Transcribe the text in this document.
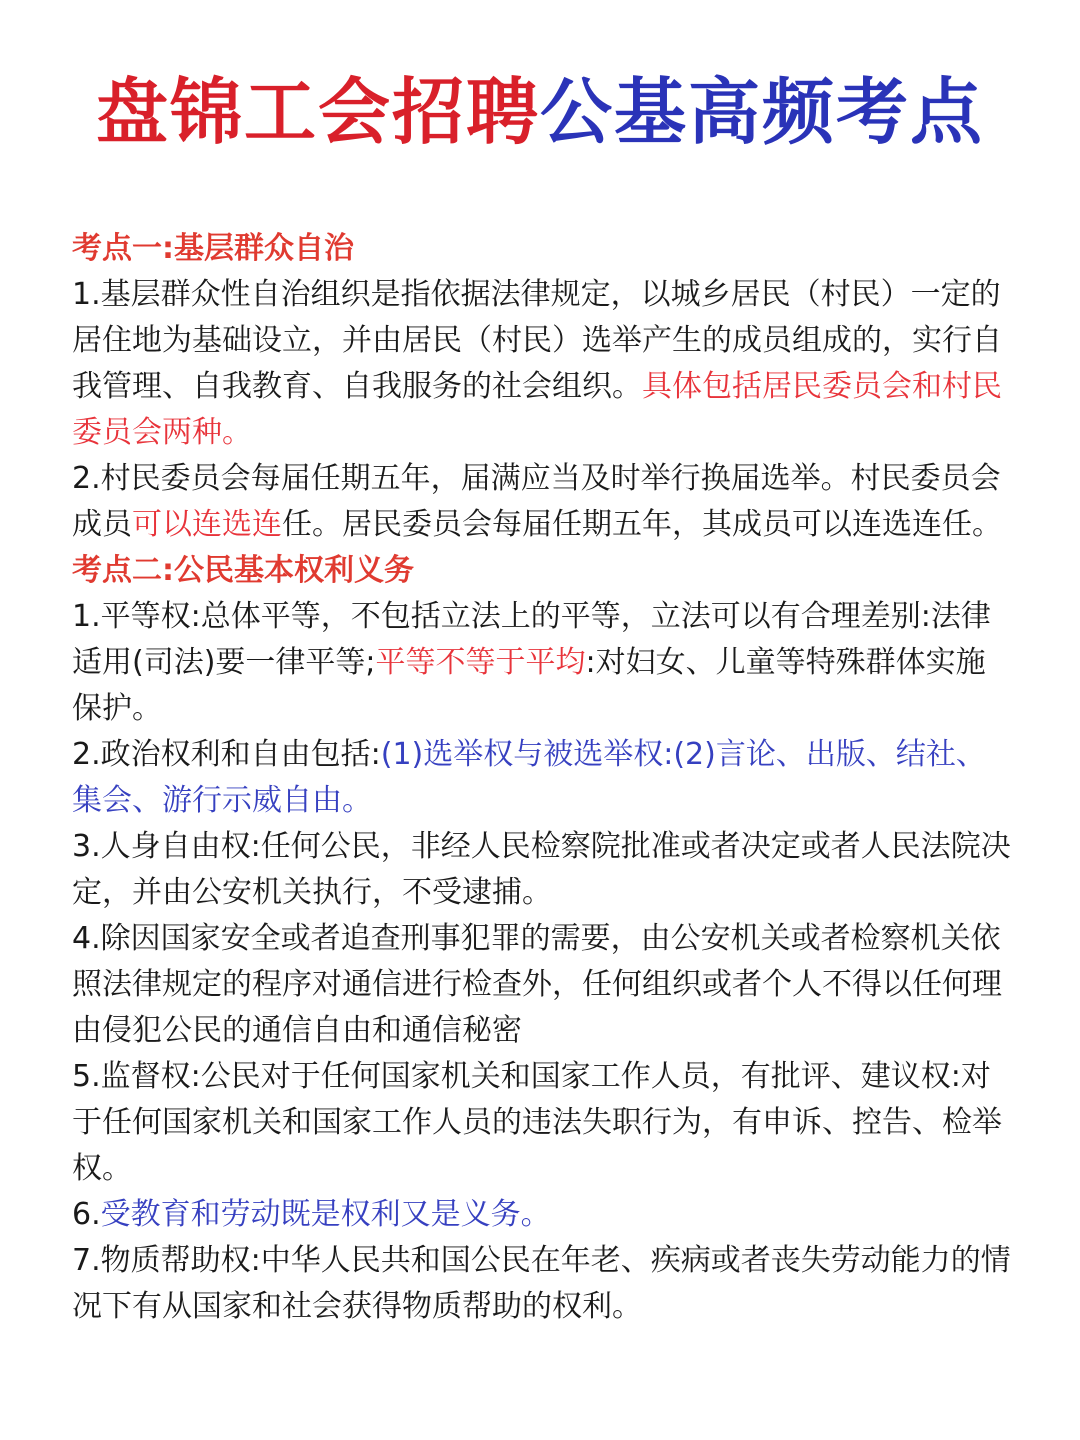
盘锦工会招聘公基高频考点
考点一:基层群众自治

1.基层群众性自治组织是指依据法律规定，以城乡居民（村民）一定的居住地为基础设立，并由居民（村民）选举产生的成员组成的，实行自我管理、自我教育、自我服务的社会组织。具体包括居民委员会和村民委员会两种。

2.村民委员会每届任期五年，届满应当及时举行换届选举。村民委员会成员可以连选连任。居民委员会每届任期五年，其成员可以连选连任。

考点二:公民基本权利义务

1.平等权:总体平等，不包括立法上的平等，立法可以有合理差别:法律适用(司法)要一律平等;平等不等于平均:对妇女、儿童等特殊群体实施保护。

2.政治权利和自由包括:(1)选举权与被选举权:(2)言论、出版、结社、集会、游行示威自由。

3.人身自由权:任何公民，非经人民检察院批准或者决定或者人民法院决定，并由公安机关执行，不受逮捕。

4.除因国家安全或者追查刑事犯罪的需要，由公安机关或者检察机关依照法律规定的程序对通信进行检查外，任何组织或者个人不得以任何理由侵犯公民的通信自由和通信秘密

5.监督权:公民对于任何国家机关和国家工作人员，有批评、建议权:对于任何国家机关和国家工作人员的违法失职行为，有申诉、控告、检举权。

6.受教育和劳动既是权利又是义务。

7.物质帮助权:中华人民共和国公民在年老、疾病或者丧失劳动能力的情况下有从国家和社会获得物质帮助的权利。
